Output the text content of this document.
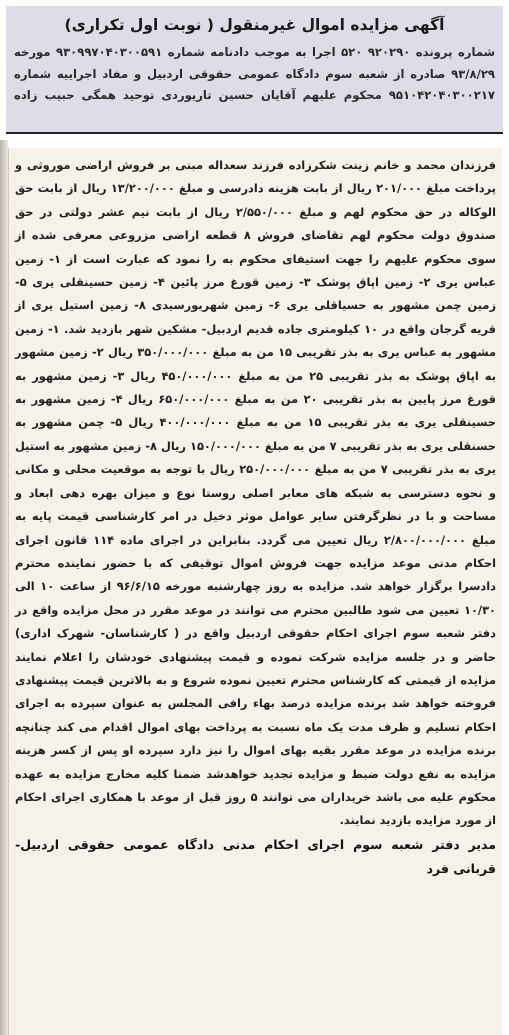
آگهی مزایده اموال غیرمنقول ( نوبت اول تکراری)

شماره پرونده ۹۲۰۲۹۰ ۵۲۰ اجرا به موجب دادنامه شماره ۹۳۰۹۹۷۰۴۰۳۰۰۵۹۱ مورخه ۹۳/۸/۲۹ صادره از شعبه سوم دادگاه عمومی حقوقی اردبیل و مفاد اجراییه شماره ۹۵۱۰۴۲۰۴۰۳۰۰۲۱۷ محکوم علیهم آقایان حسین تاریوردی توحید همگی حبیب زاده

فرزندان محمد و خانم زینت شکرزاده فرزند سعداله مبنی بر فروش اراضی موروثی و پرداخت مبلغ ۲۰۱/۰۰۰ ریال از بابت هزینه دادرسی و مبلغ ۱۳/۲۰۰/۰۰۰ ریال از بابت حق الوکاله در حق محکوم لهم و مبلغ ۲/۵۵۰/۰۰۰ ریال از بابت نیم عشر دولتی در حق صندوق دولت محکوم لهم تقاضای فروش ۸ قطعه اراضی مزروعی معرفی شده از سوی محکوم علیهم را جهت استیفای محکوم به را نمود که عبارت است از ۱- زمین عباس یری ۲- زمین اپاق پوشک ۳- زمین قورغ مرز پائین ۴- زمین حسینقلی یری ۵- زمین چمن مشهور به حسیاقلی یری ۶- زمین شهریورسیدی ۸- زمین استیل یری از قریه گرجان واقع در ۱۰ کیلومتری جاده قدیم اردبیل- مشکین شهر بازدید شد. ۱- زمین مشهور به عباس یری به بذر تقریبی ۱۵ من به مبلغ ۳۵۰/۰۰۰/۰۰۰ ریال ۲- زمین مشهور به اپاق پوشک به بذر تقریبی ۲۵ من به مبلغ ۴۵۰/۰۰۰/۰۰۰ ریال ۳- زمین مشهور به قورغ مرز پایین به بذر تقریبی ۲۰ من به مبلغ ۶۵۰/۰۰۰/۰۰۰ ریال ۴- زمین مشهور به حسینقلی یری به بذر تقریبی ۱۵ من به مبلغ ۴۰۰/۰۰۰/۰۰۰ ریال ۵- چمن مشهور به حسنقلی یری به بذر تقریبی ۷ من به مبلغ ۱۵۰/۰۰۰/۰۰۰ ریال ۸- زمین مشهور به استیل یری به بذر تقریبی ۷ من به مبلغ ۲۵۰/۰۰۰/۰۰۰ ریال با توجه به موقعیت محلی و مکانی و نحوه دسترسی به شبکه های معابر اصلی روستا نوع و میزان بهره دهی ابعاد و مساحت و با در نظرگرفتن سایر عوامل موثر دخیل در امر کارشناسی قیمت پایه به مبلغ ۲/۸۰۰/۰۰۰/۰۰۰ ریال تعیین می گردد. بنابراین در اجرای ماده ۱۱۴ قانون اجرای احکام مدنی موعد مزایده جهت فروش اموال توقیفی که با حضور نماینده محترم دادسرا برگزار خواهد شد. مزایده به روز چهارشنبه مورخه ۹۶/۶/۱۵ از ساعت ۱۰ الی ۱۰/۳۰ تعیین می شود طالبین محترم می توانند در موعد مقرر در محل مزایده واقع در دفتر شعبه سوم اجرای احکام حقوقی اردبیل واقع در ( کارشناسان- شهرک اداری) حاضر و در جلسه مزایده شرکت نموده و قیمت پیشنهادی خودشان را اعلام نمایند مزایده از قیمتی که کارشناس محترم تعیین نموده شروع و به بالاترین قیمت پیشنهادی فروخته خواهد شد برنده مزایده درصد بهاء رافی المجلس به عنوان سپرده به اجرای احکام تسلیم و ظرف مدت یک ماه نسبت به پرداخت بهای اموال اقدام می کند چنانچه برنده مزایده در موعد مقرر بقیه بهای اموال را نیز دارد سپرده او پس از کسر هزینه مزایده به نفع دولت ضبط و مزایده تجدید خواهدشد ضمنا کلیه مخارج مزایده به عهده محکوم علیه می باشد خریداران می توانند ۵ روز قبل از موعد با همکاری اجرای احکام از مورد مزایده بازدید نمایند.

مدیر دفتر شعبه سوم اجرای احکام مدنی دادگاه عمومی حقوقی اردبیل- قربانی فرد
